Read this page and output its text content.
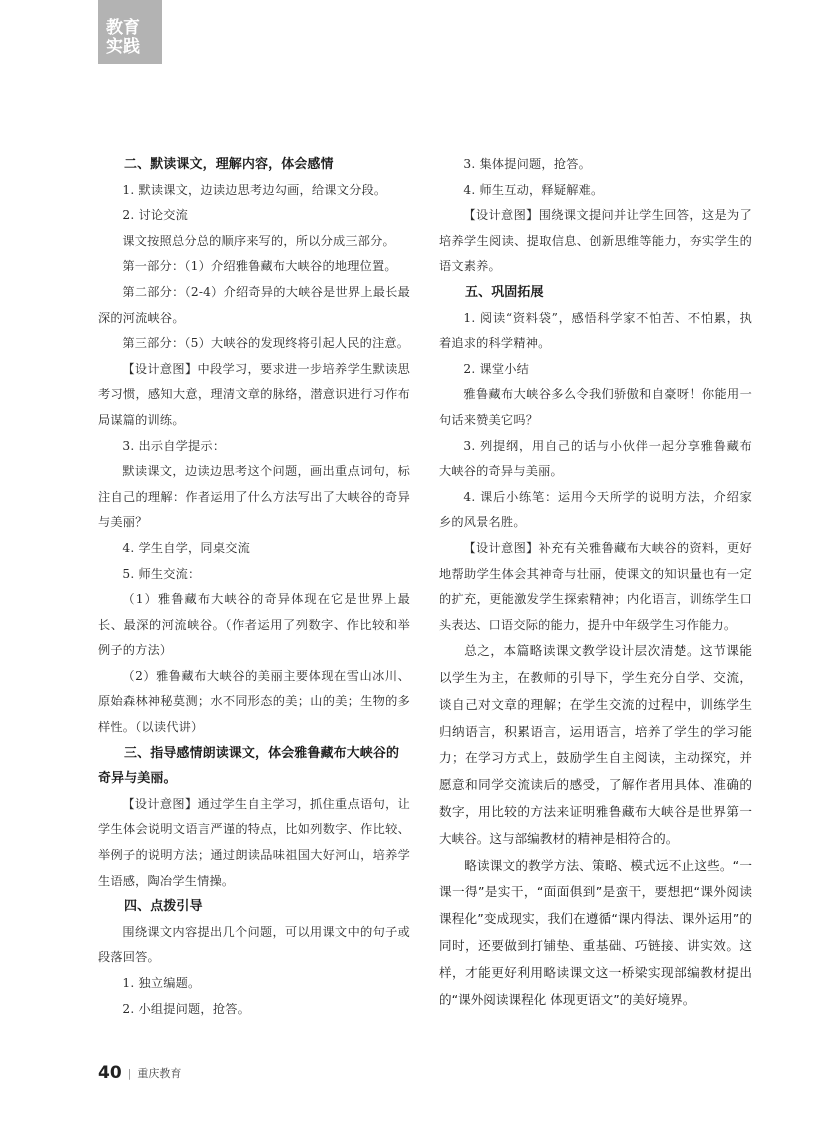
教育
实践

二、默读课文，理解内容，体会感情

1. 默读课文，边读边思考边勾画，给课文分段。

2. 讨论交流

课文按照总分总的顺序来写的，所以分成三部分。

第一部分：（1）介绍雅鲁藏布大峡谷的地理位置。

第二部分：（2-4）介绍奇异的大峡谷是世界上最长最深的河流峡谷。

第三部分：（5）大峡谷的发现终将引起人民的注意。

【设计意图】中段学习，要求进一步培养学生默读思考习惯，感知大意，理清文章的脉络，潜意识进行习作布局谋篇的训练。

3. 出示自学提示：

默读课文，边读边思考这个问题，画出重点词句，标注自己的理解：作者运用了什么方法写出了大峡谷的奇异与美丽？

4. 学生自学，同桌交流

5. 师生交流：

（1）雅鲁藏布大峡谷的奇异体现在它是世界上最长、最深的河流峡谷。（作者运用了列数字、作比较和举例子的方法）

（2）雅鲁藏布大峡谷的美丽主要体现在雪山冰川、原始森林神秘莫测；水不同形态的美；山的美；生物的多样性。（以读代讲）

三、指导感情朗读课文，体会雅鲁藏布大峡谷的奇异与美丽。

【设计意图】通过学生自主学习，抓住重点语句，让学生体会说明文语言严谨的特点，比如列数字、作比较、举例子的说明方法；通过朗读品味祖国大好河山，培养学生语感，陶冶学生情操。

四、点拨引导

围绕课文内容提出几个问题，可以用课文中的句子或段落回答。

1. 独立编题。

2. 小组提问题，抢答。

3. 集体提问题，抢答。

4. 师生互动，释疑解难。

【设计意图】围绕课文提问并让学生回答，这是为了培养学生阅读、提取信息、创新思维等能力，夯实学生的语文素养。

五、巩固拓展

1. 阅读“资料袋”，感悟科学家不怕苦、不怕累，执着追求的科学精神。

2. 课堂小结

雅鲁藏布大峡谷多么令我们骄傲和自豪呀！你能用一句话来赞美它吗？

3. 列提纲，用自己的话与小伙伴一起分享雅鲁藏布大峡谷的奇异与美丽。

4. 课后小练笔：运用今天所学的说明方法，介绍家乡的风景名胜。

【设计意图】补充有关雅鲁藏布大峡谷的资料，更好地帮助学生体会其神奇与壮丽，使课文的知识量也有一定的扩充，更能激发学生探索精神；内化语言，训练学生口头表达、口语交际的能力，提升中年级学生习作能力。

总之，本篇略读课文教学设计层次清楚。这节课能以学生为主，在教师的引导下，学生充分自学、交流，谈自己对文章的理解；在学生交流的过程中，训练学生归纳语言，积累语言，运用语言，培养了学生的学习能力；在学习方式上，鼓励学生自主阅读，主动探究，并愿意和同学交流读后的感受，了解作者用具体、准确的数字，用比较的方法来证明雅鲁藏布大峡谷是世界第一大峡谷。这与部编教材的精神是相符合的。

略读课文的教学方法、策略、模式远不止这些。“一课一得”是实干，“面面俱到”是蛮干，要想把“课外阅读课程化”变成现实，我们在遵循“课内得法、课外运用”的同时，还要做到打铺垫、重基础、巧链接、讲实效。这样，才能更好利用略读课文这一桥梁实现部编教材提出的“课外阅读课程化 体现更语文”的美好境界。

40 | 重庆教育
